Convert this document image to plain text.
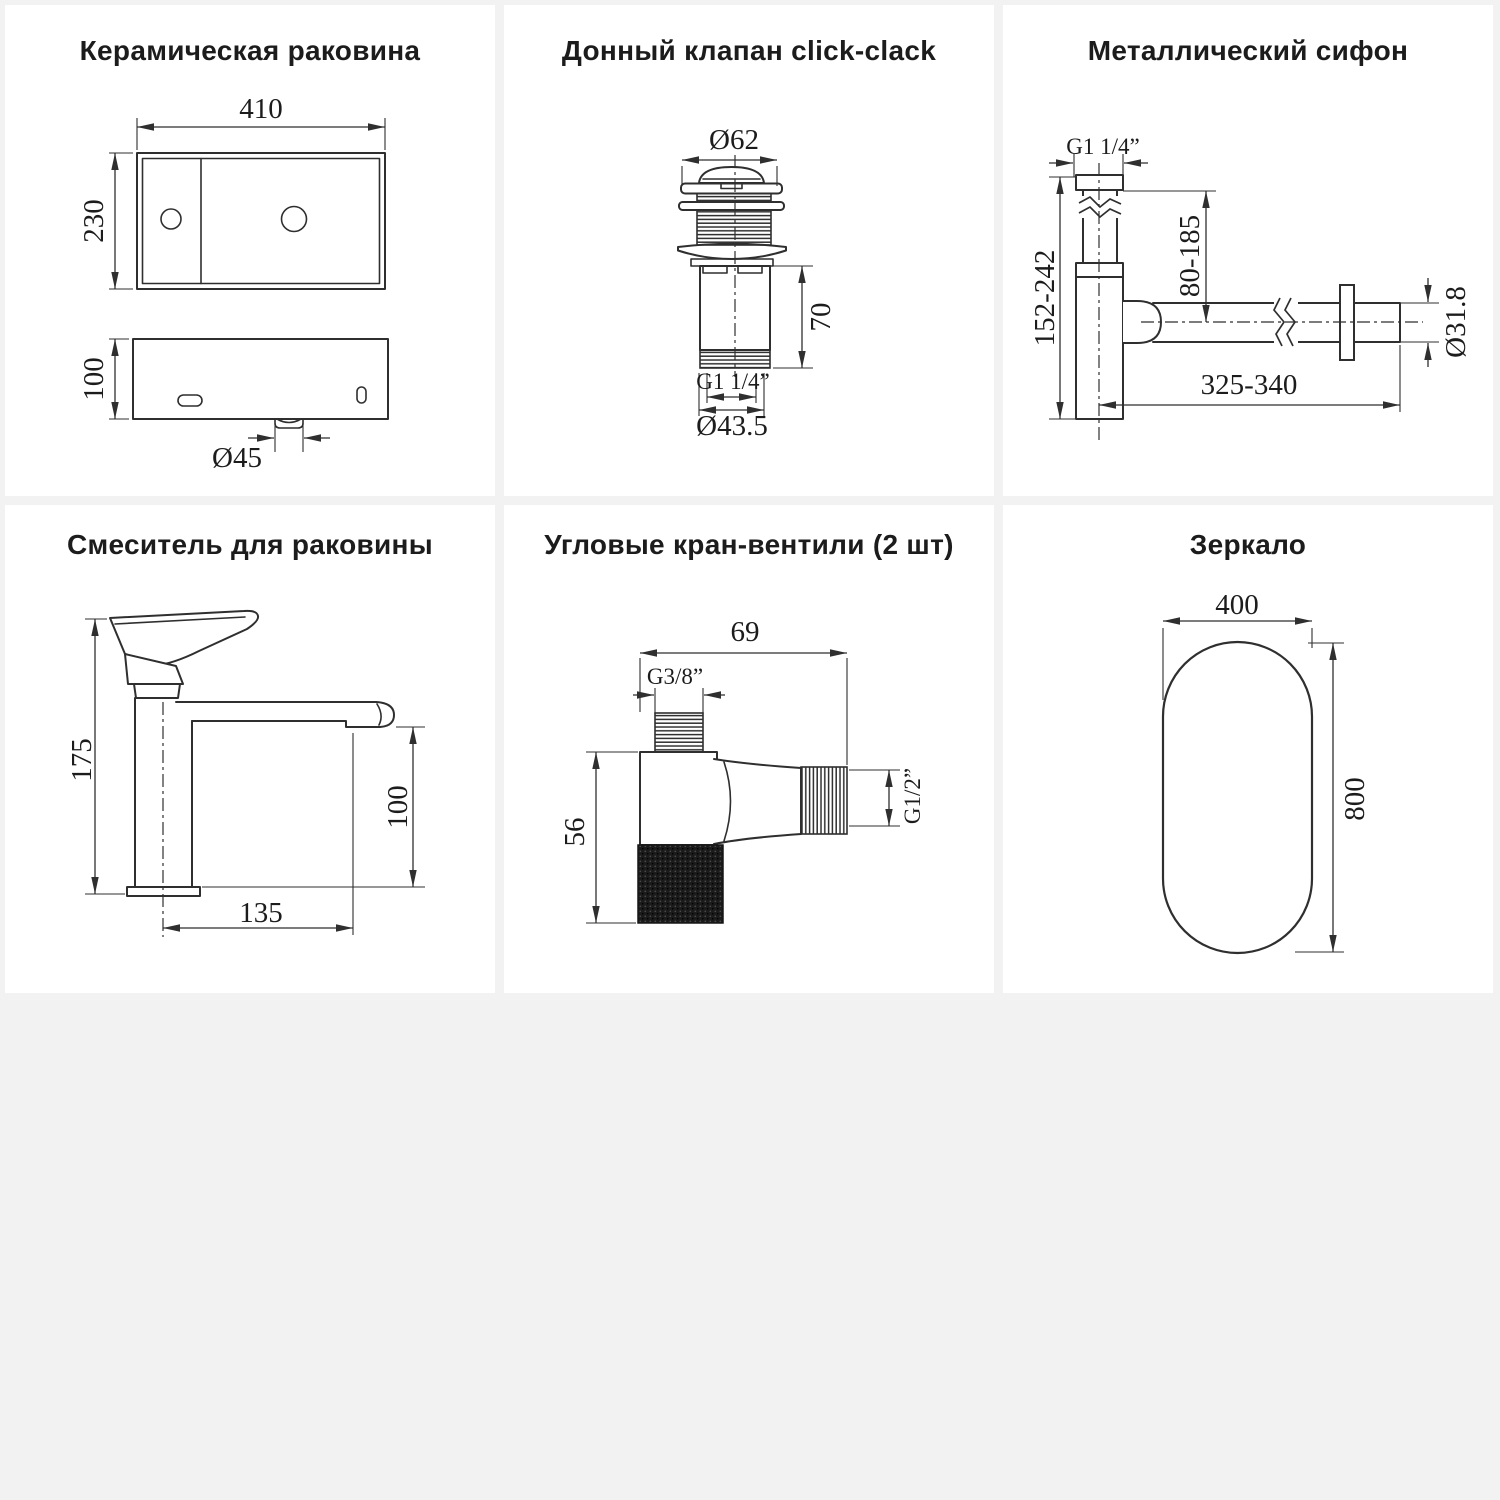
Керамическая раковина
410
230
100
Ø45
Донный клапан click-clack
Ø62
70
G1 1/4”
Ø43.5
Металлический сифон
G1 1/4”
152-242	80-185
Ø31.8
325-340
Смеситель для раковины
175
100
135
Угловые кран-вентили (2 шт)
69
G3/8”
56
G1/2”
Зеркало
400
800
